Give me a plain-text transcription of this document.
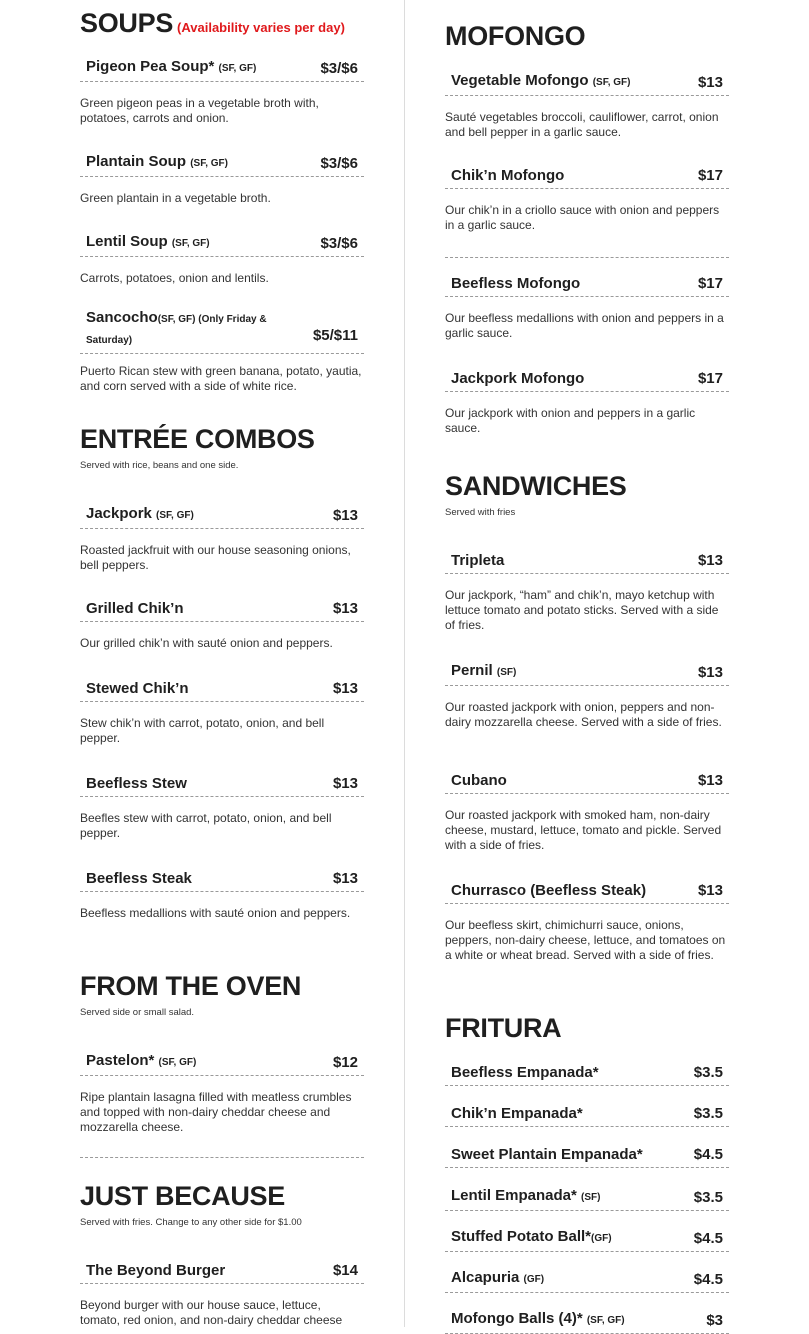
SOUPS (Availability varies per day)
Pigeon Pea Soup* (SF, GF)	$3/$6
Green pigeon peas in a vegetable broth with, potatoes, carrots and onion.
Plantain Soup (SF, GF)	$3/$6
Green plantain in a vegetable broth.
Lentil Soup (SF, GF)	$3/$6
Carrots, potatoes, onion and lentils.
Sancocho(SF, GF) (Only Friday & Saturday)	$5/$11
Puerto Rican stew with green banana, potato, yautia, and corn served with a side of white rice.
ENTRÉE COMBOS
Served with rice, beans and one side.
Jackpork (SF, GF)	$13
Roasted jackfruit with our house seasoning onions, bell peppers.
Grilled Chik’n	$13
Our grilled chik’n with sauté onion and peppers.
Stewed Chik’n	$13
Stew chik’n with carrot, potato, onion, and bell pepper.
Beefless Stew	$13
Beefles stew with carrot, potato, onion, and bell pepper.
Beefless Steak	$13
Beefless medallions with sauté onion and peppers.
FROM THE OVEN
Served side or small salad.
Pastelon* (SF, GF)	$12
Ripe plantain lasagna filled with meatless crumbles and topped with non-dairy cheddar cheese and mozzarella cheese.
JUST BECAUSE
Served with fries. Change to any other side for $1.00
The Beyond Burger	$14
Beyond burger with our house sauce, lettuce, tomato, red onion, and non-dairy cheddar cheese
MOFONGO
Vegetable Mofongo (SF, GF)	$13
Sauté vegetables broccoli, cauliflower, carrot, onion and bell pepper in a garlic sauce.
Chik’n Mofongo	$17
Our chik’n in a criollo sauce with onion and peppers in a garlic sauce.
Beefless Mofongo	$17
Our beefless medallions with onion and peppers in a garlic sauce.
Jackpork Mofongo	$17
Our jackpork with onion and peppers in a garlic sauce.
SANDWICHES
Served with fries
Tripleta	$13
Our jackpork, “ham” and chik’n, mayo ketchup with lettuce tomato and potato sticks. Served with a side of fries.
Pernil (SF)	$13
Our roasted jackpork with onion, peppers and non-dairy mozzarella cheese. Served with a side of fries.
Cubano	$13
Our roasted jackpork with smoked ham, non-dairy cheese, mustard, lettuce, tomato and pickle. Served with a side of fries.
Churrasco (Beefless Steak)	$13
Our beefless skirt, chimichurri sauce, onions, peppers, non-dairy cheese, lettuce, and tomatoes on a white or wheat bread. Served with a side of fries.
FRITURA
Beefless Empanada*	$3.5
Chik’n Empanada*	$3.5
Sweet Plantain Empanada*	$4.5
Lentil Empanada* (SF)	$3.5
Stuffed Potato Ball*(GF)	$4.5
Alcapuria (GF)	$4.5
Mofongo Balls (4)* (SF, GF)	$3
